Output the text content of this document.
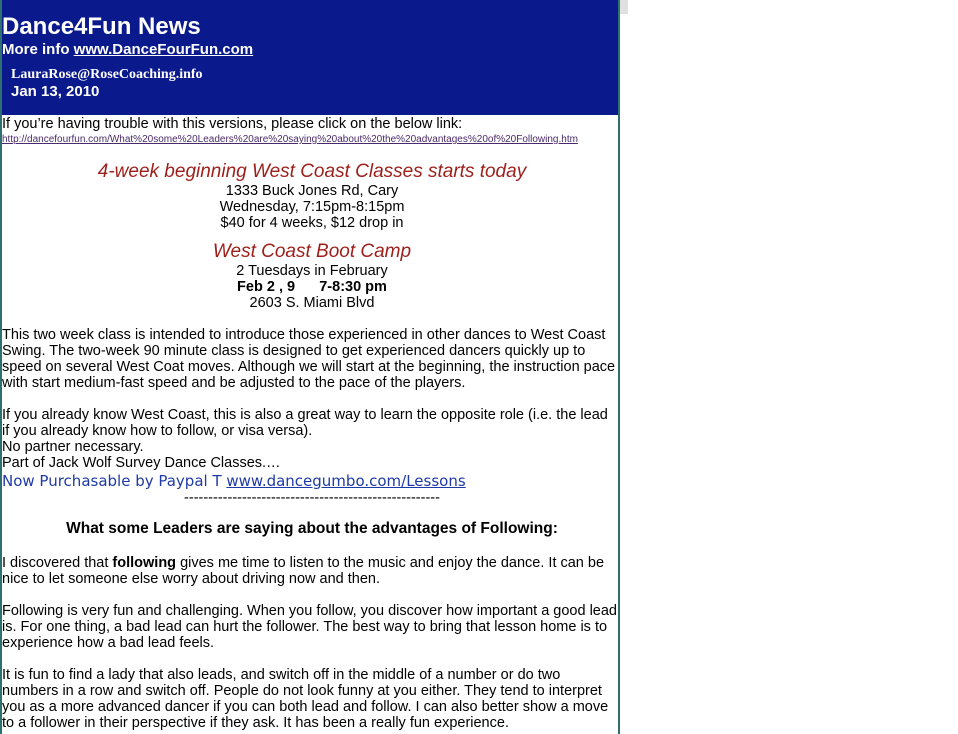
Dance4Fun News
More info www.DanceFourFun.com
LauraRose@RoseCoaching.info
Jan 13, 2010

If you’re having trouble with this versions, please click on the below link:

http://dancefourfun.com/What%20some%20Leaders%20are%20saying%20about%20the%20advantages%20of%20Following.htm
4-week beginning West Coast Classes starts today
1333 Buck Jones Rd, Cary
Wednesday, 7:15pm-8:15pm
$40 for 4 weeks, $12 drop in
West Coast Boot Camp
2 Tuesdays in February
Feb 2 , 9      7-8:30 pm
2603 S. Miami Blvd

This two week class is intended to introduce those experienced in other dances to West Coast Swing. The two-week 90 minute class is designed to get experienced dancers quickly up to speed on several West Coat moves. Although we will start at the beginning, the instruction pace with start medium-fast speed and be adjusted to the pace of the players.

If you already know West Coast, this is also a great way to learn the opposite role (i.e. the lead if you already know how to follow, or visa versa).

No partner necessary.

Part of Jack Wolf Survey Dance Classes.…

Now Purchasable by Paypal T www.dancegumbo.com/Lessons
-----------------------------------------------------
What some Leaders are saying about the advantages of Following:

I discovered that following gives me time to listen to the music and enjoy the dance. It can be nice to let someone else worry about driving now and then.

Following is very fun and challenging. When you follow, you discover how important a good lead is. For one thing, a bad lead can hurt the follower. The best way to bring that lesson home is to experience how a bad lead feels.

It is fun to find a lady that also leads, and switch off in the middle of a number or do two numbers in a row and switch off. People do not look funny at you either. They tend to interpret you as a more advanced dancer if you can both lead and follow. I can also better show a move to a follower in their perspective if they ask. It has been a really fun experience.
